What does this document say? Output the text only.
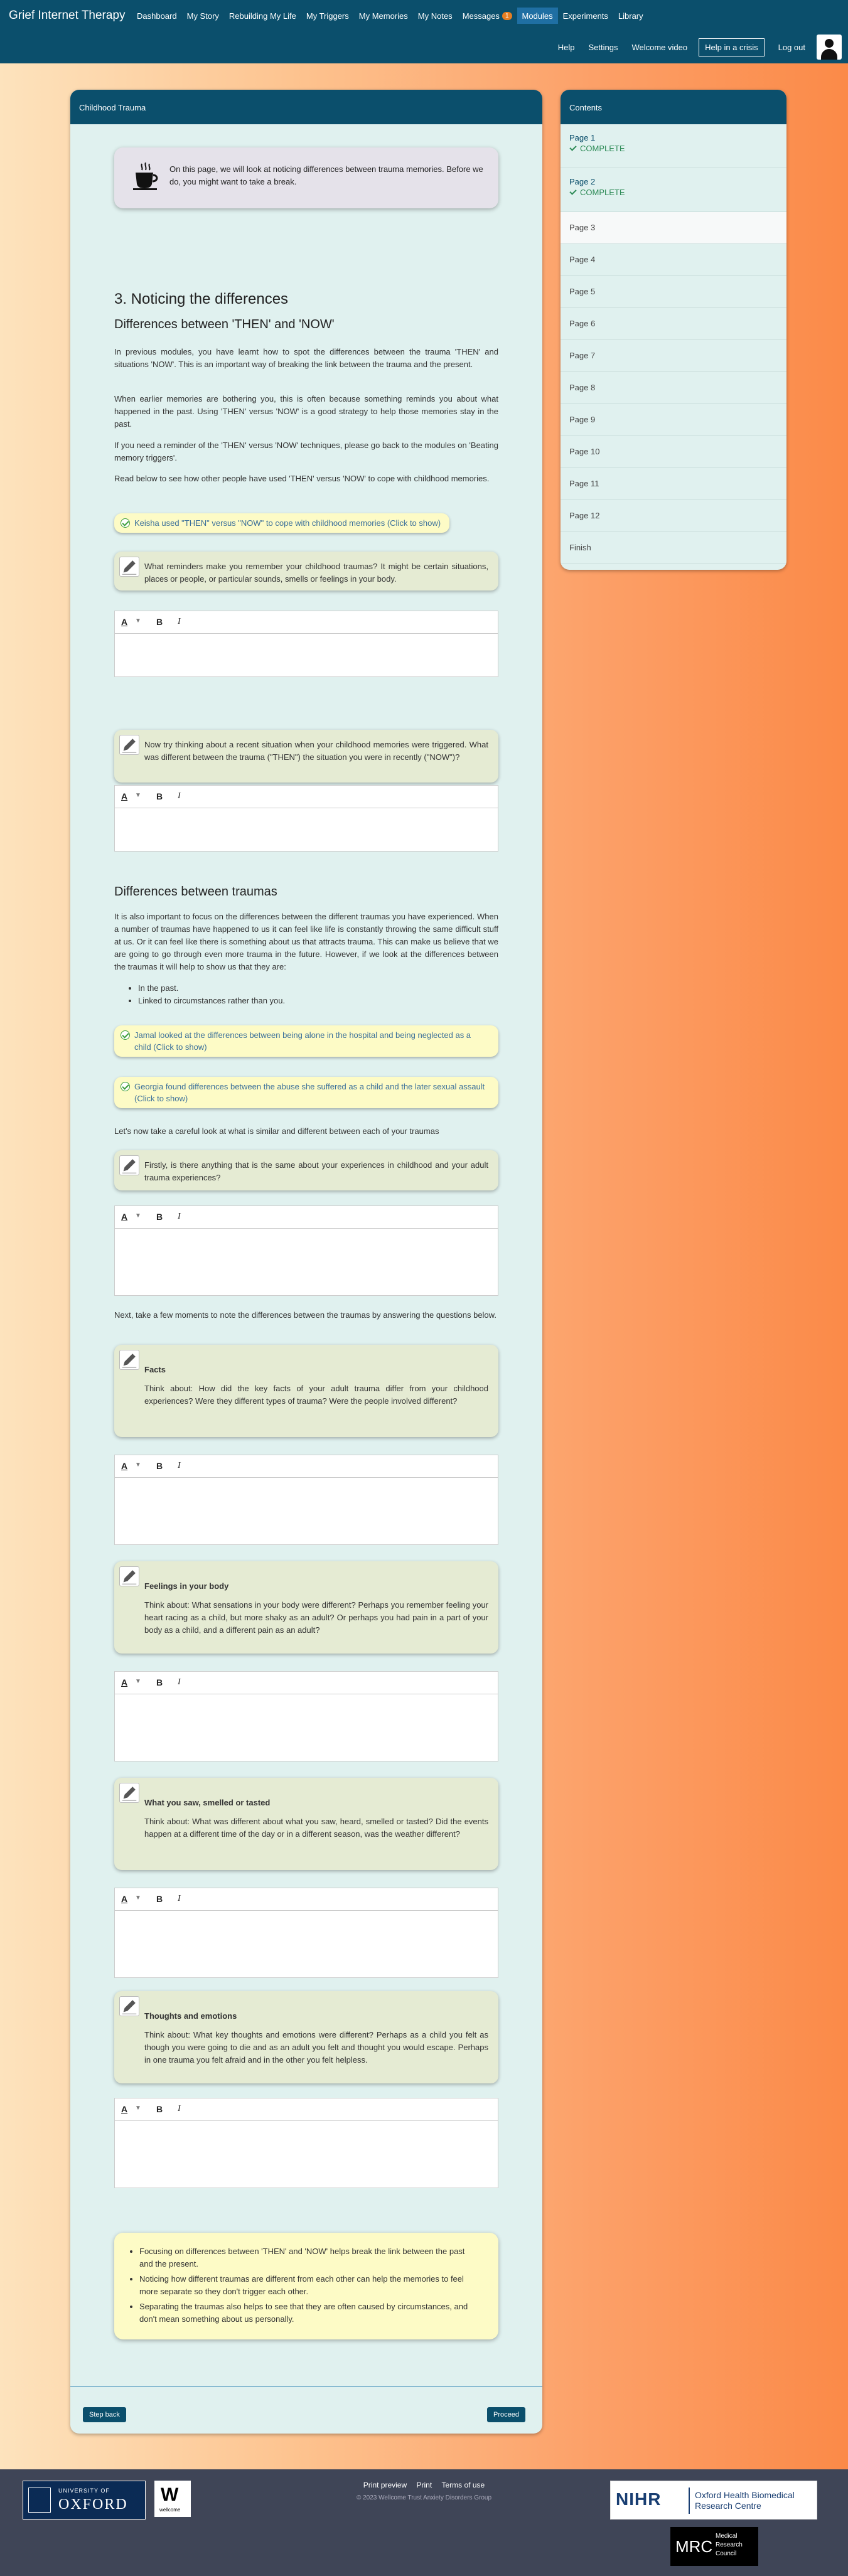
Grief Internet Therapy	Dashboard	My Story	Rebuilding My Life	My Triggers	My Memories	My Notes	Messages 1	Modules	Experiments	Library
Help Settings Welcome video	Help in a crisis	Log out
Childhood Trauma
On this page, we will look at noticing differences between trauma memories. Before we do, you might want to take a break.
3. Noticing the differences
Differences between 'THEN' and 'NOW'

In previous modules, you have learnt how to spot the differences between the trauma 'THEN' and situations 'NOW'. This is an important way of breaking the link between the trauma and the present.

When earlier memories are bothering you, this is often because something reminds you about what happened in the past. Using 'THEN' versus 'NOW' is a good strategy to help those memories stay in the past.

If you need a reminder of the 'THEN' versus 'NOW' techniques, please go back to the modules on 'Beating memory triggers'.

Read below to see how other people have used 'THEN' versus 'NOW' to cope with childhood memories.

Keisha used "THEN" versus "NOW" to cope with childhood memories (Click to show)
What reminders make you remember your childhood traumas? It might be certain situations, places or people, or particular sounds, smells or feelings in your body.
A ▼ B I
Now try thinking about a recent situation when your childhood memories were triggered. What was different between the trauma ("THEN") the situation you were in recently ("NOW")?
A ▼ B I
Differences between traumas

It is also important to focus on the differences between the different traumas you have experienced. When a number of traumas have happened to us it can feel like life is constantly throwing the same difficult stuff at us. Or it can feel like there is something about us that attracts trauma. This can make us believe that we are going to go through even more trauma in the future. However, if we look at the differences between the traumas it will help to show us that they are:

• In the past.
• Linked to circumstances rather than you.
Jamal looked at the differences between being alone in the hospital and being neglected as a child (Click to show)
Georgia found differences between the abuse she suffered as a child and the later sexual assault (Click to show)

Let's now take a careful look at what is similar and different between each of your traumas

Firstly, is there anything that is the same about your experiences in childhood and your adult trauma experiences?
A ▼ B I

Next, take a few moments to note the differences between the traumas by answering the questions below.

Facts
Think about: How did the key facts of your adult trauma differ from your childhood experiences? Were they different types of trauma? Were the people involved different?
A ▼ B I
Feelings in your body
Think about: What sensations in your body were different? Perhaps you remember feeling your heart racing as a child, but more shaky as an adult? Or perhaps you had pain in a part of your body as a child, and a different pain as an adult?
A ▼ B I
What you saw, smelled or tasted
Think about: What was different about what you saw, heard, smelled or tasted? Did the events happen at a different time of the day or in a different season, was the weather different?
A ▼ B I
Thoughts and emotions
Think about: What key thoughts and emotions were different? Perhaps as a child you felt as though you were going to die and as an adult you felt and thought you would escape. Perhaps in one trauma you felt afraid and in the other you felt helpless.
A ▼ B I
• Focusing on differences between 'THEN' and 'NOW' helps break the link between the past and the present.
• Noticing how different traumas are different from each other can help the memories to feel more separate so they don't trigger each other.
• Separating the traumas also helps to see that they are often caused by circumstances, and don't mean something about us personally.
Step back	Proceed
Contents
Page 1
COMPLETE
Page 2
COMPLETE
Page 3
Page 4
Page 5
Page 6
Page 7
Page 8
Page 9
Page 10
Page 11
Page 12
Finish
UNIVERSITY OF
OXFORD W
wellcome
Print preview Print Terms of use
© 2023 Wellcome Trust Anxiety Disorders Group	NIHR	Oxford Health Biomedical Research Centre
MRC
Medical Research Council
